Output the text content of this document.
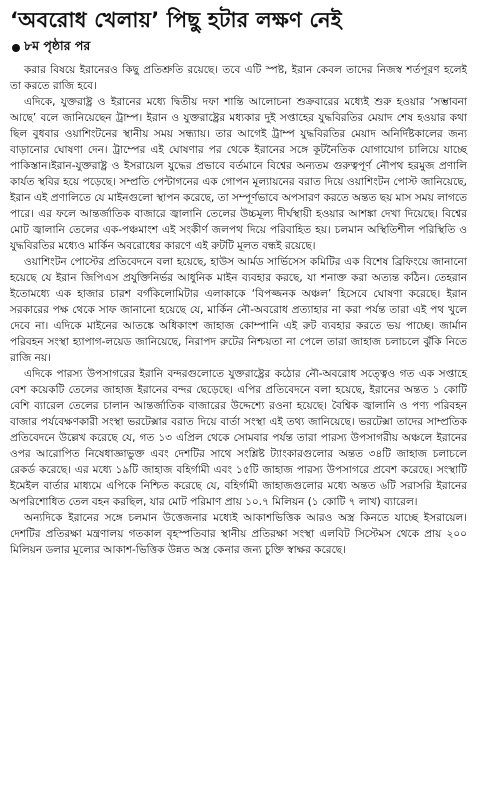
‘অবরোধ খেলায়’ পিছু হটার লক্ষণ নেই
৮ম পৃষ্ঠার পর

করার বিষয়ে ইরানেরও কিছু প্রতিশ্রুতি রয়েছে। তবে এটি স্পষ্ট, ইরান কেবল তাদের নিজস্ব শর্তপূরণ হলেই তা করতে রাজি হবে।

এদিকে, যুক্তরাষ্ট্র ও ইরানের মধ্যে দ্বিতীয় দফা শান্তি আলোচনা শুক্রবারের মধ্যেই শুরু হওয়ার ‘সম্ভাবনা আছে’ বলে জানিয়েছেন ট্রাম্প। ইরান ও যুক্তরাষ্ট্রের মধ্যকার দুই সপ্তাহের যুদ্ধবিরতির মেয়াদ শেষ হওয়ার কথা ছিল বুধবার ওয়াশিংটনের স্থানীয় সময় সন্ধ্যায়। তার আগেই ট্রাম্প যুদ্ধবিরতির মেয়াদ অনির্দিষ্টকালের জন্য বাড়ানোর ঘোষণা দেন। ট্রাম্পের এই ঘোষণার পর থেকে ইরানের সঙ্গে কূটনৈতিক যোগাযোগ চালিয়ে যাচ্ছে পাকিস্তান।ইরান-যুক্তরাষ্ট্র ও ইসরায়েল যুদ্ধের প্রভাবে বর্তমানে বিশ্বের অন্যতম গুরুত্বপূর্ণ নৌপথ হরমুজ প্রণালি কার্যত স্থবির হয়ে পড়েছে। সম্প্রতি পেন্টাগনের এক গোপন মূল্যায়নের বরাত দিয়ে ওয়াশিংটন পোস্ট জানিয়েছে, ইরান এই প্রণালিতে যে মাইনগুলো স্থাপন করেছে, তা সম্পূর্ণভাবে অপসারণ করতে অন্তত ছয় মাস সময় লাগতে পারে। এর ফলে আন্তর্জাতিক বাজারে জ্বালানি তেলের উচ্চমূল্য দীর্ঘস্থায়ী হওয়ার আশঙ্কা দেখা দিয়েছে। বিশ্বের মোট জ্বালানি তেলের এক-পঞ্চমাংশ এই সংকীর্ণ জলপথ দিয়ে পরিবাহিত হয়। চলমান অস্থিতিশীল পরিস্থিতি ও যুদ্ধবিরতির মধ্যেও মার্কিন অবরোধের কারণে এই রুটটি মূলত বন্ধই রয়েছে।

ওয়াশিংটন পোস্টের প্রতিবেদনে বলা হয়েছে, হাউস আর্মড সার্ভিসেস কমিটির এক বিশেষ ব্রিফিংয়ে জানানো হয়েছে যে ইরান জিপিএস প্রযুক্তিনির্ভর আধুনিক মাইন ব্যবহার করছে, যা শনাক্ত করা অত্যন্ত কঠিন। তেহরান ইতোমধ্যে এক হাজার চারশ বর্গকিলোমিটার এলাকাকে ‘বিপজ্জনক অঞ্চল’ হিসেবে ঘোষণা করেছে। ইরান সরকারের পক্ষ থেকে সাফ জানানো হয়েছে যে, মার্কিন নৌ-অবরোধ প্রত্যাহার না করা পর্যন্ত তারা এই পথ খুলে দেবে না। এদিকে মাইনের আতঙ্কে অধিকাংশ জাহাজ কোম্পানি এই রুট ব্যবহার করতে ভয় পাচ্ছে। জার্মান পরিবহন সংস্থা হ্যাপাগ-লয়েড জানিয়েছে, নিরাপদ রুটের নিশ্চয়তা না পেলে তারা জাহাজ চলাচলে ঝুঁকি নিতে রাজি নয়।

এদিকে পারস্য উপসাগরের ইরানি বন্দরগুলোতে যুক্তরাষ্ট্রের কঠোর নৌ-অবরোধ সত্ত্বেও গত এক সপ্তাহে বেশ কয়েকটি তেলের জাহাজ ইরানের বন্দর ছেড়েছে। এপির প্রতিবেদনে বলা হয়েছে, ইরানের অন্তত ১ কোটি বেশি ব্যারেল তেলের চালান আন্তর্জাতিক বাজারের উদ্দেশ্যে রওনা হয়েছে। বৈশ্বিক জ্বালানি ও পণ্য পরিবহন বাজার পর্যবেক্ষণকারী সংস্থা ভরটেক্সার বরাত দিয়ে বার্তা সংস্থা এই তথ্য জানিয়েছে। ভরটেক্সা তাদের সাম্প্রতিক প্রতিবেদনে উল্লেখ করেছে যে, গত ১৩ এপ্রিল থেকে সোমবার পর্যন্ত তারা পারস্য উপসাগরীয় অঞ্চলে ইরানের ওপর আরোপিত নিষেধাজ্ঞাভুক্ত এবং দেশটির সাথে সংশ্লিষ্ট ট্যাংকারগুলোর অন্তত ৩৪টি জাহাজ চলাচলে রেকর্ড করেছে। এর মধ্যে ১৯টি জাহাজ বহির্গামী এবং ১৫টি জাহাজ পারস্য উপসাগরে প্রবেশ করেছে। সংস্থাটি ইমেইল বার্তার মাধ্যমে এপিকে নিশ্চিত করেছে যে, বহির্গামী জাহাজগুলোর মধ্যে অন্তত ৬টি সরাসরি ইরানের অপরিশোধিত তেল বহন করছিল, যার মোট পরিমাণ প্রায় ১০.৭ মিলিয়ন (১ কোটি ৭ লাখ) ব্যারেল।

অন্যদিকে ইরানের সঙ্গে চলমান উত্তেজনার মধ্যেই আকাশভিত্তিক আরও অস্ত্র কিনতে যাচ্ছে ইসরায়েল। দেশটির প্রতিরক্ষা মন্ত্রণালয় গতকাল বৃহস্পতিবার স্থানীয় প্রতিরক্ষা সংস্থা এলবিট সিস্টেমস থেকে প্রায় ২০০ মিলিয়ন ডলার মূল্যের আকাশ-ভিত্তিক উন্নত অস্ত্র কেনার জন্য চুক্তি স্বাক্ষর করেছে।
